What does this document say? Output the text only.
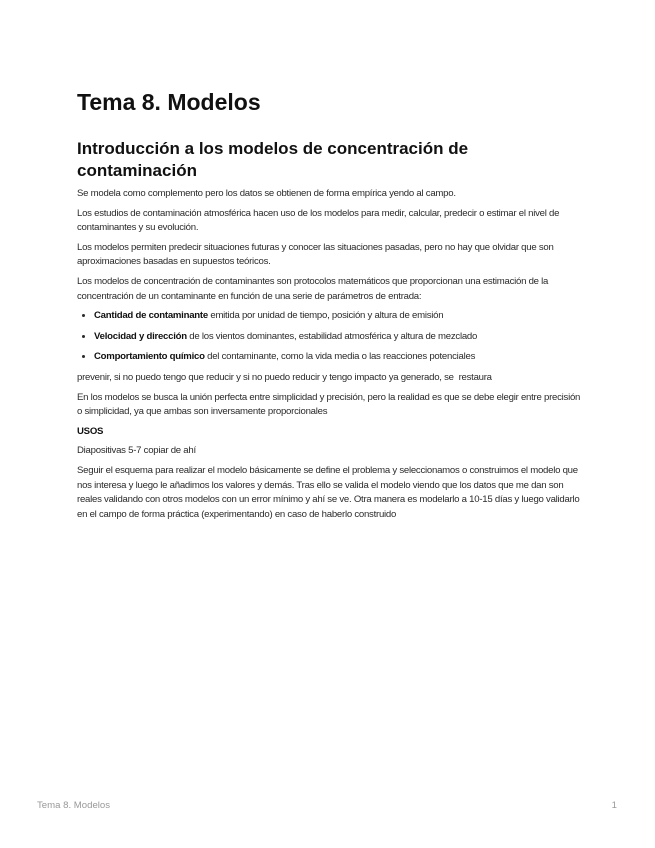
Tema 8. Modelos
Introducción a los modelos de concentración de contaminación

Se modela como complemento pero los datos se obtienen de forma empírica yendo al campo.

Los estudios de contaminación atmosférica hacen uso de los modelos para medir, calcular, predecir o estimar el nivel de contaminantes y su evolución.

Los modelos permiten predecir situaciones futuras y conocer las situaciones pasadas, pero no hay que olvidar que son aproximaciones basadas en supuestos teóricos.

Los modelos de concentración de contaminantes son protocolos matemáticos que proporcionan una estimación de la concentración de un contaminante en función de una serie de parámetros de entrada:

• Cantidad de contaminante emitida por unidad de tiempo, posición y altura de emisión
• Velocidad y dirección de los vientos dominantes, estabilidad atmosférica y altura de mezclado
• Comportamiento químico del contaminante, como la vida media o las reacciones potenciales

prevenir, si no puedo tengo que reducir y si no puedo reducir y tengo impacto ya generado, se  restaura

En los modelos se busca la unión perfecta entre simplicidad y precisión, pero la realidad es que se debe elegir entre precisión o simplicidad, ya que ambas son inversamente proporcionales

USOS

Diapositivas 5-7 copiar de ahí

Seguir el esquema para realizar el modelo básicamente se define el problema y seleccionamos o construimos el modelo que nos interesa y luego le añadimos los valores y demás. Tras ello se valida el modelo viendo que los datos que me dan son reales validando con otros modelos con un error mínimo y ahí se ve. Otra manera es modelarlo a 10-15 días y luego validarlo en el campo de forma práctica (experimentando) en caso de haberlo construido

Tema 8. Modelos	1
